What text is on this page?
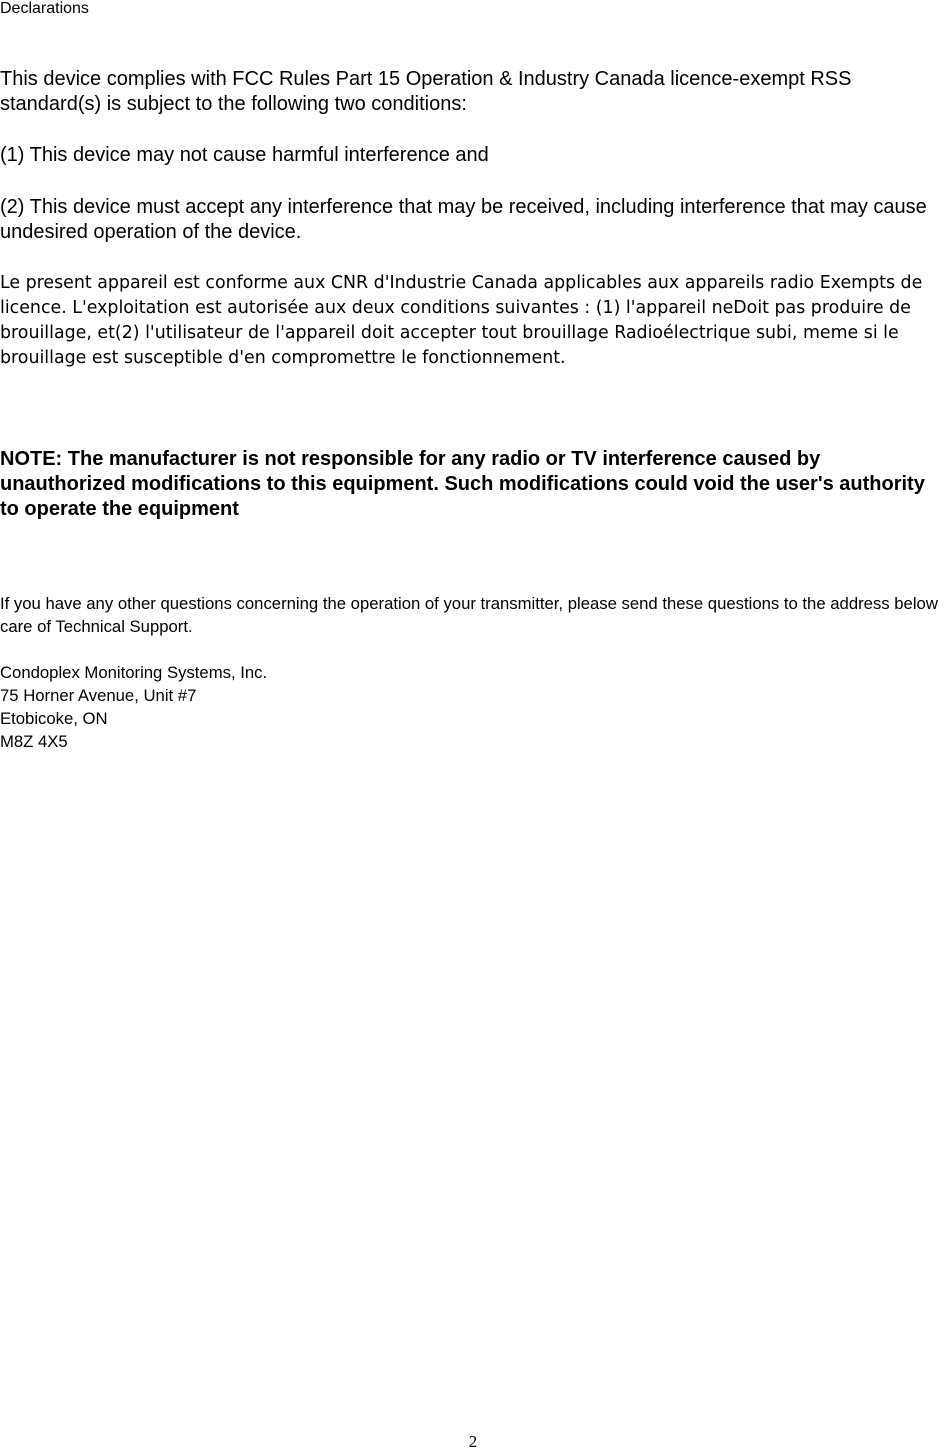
Declarations

This device complies with FCC Rules Part 15 Operation & Industry Canada licence-exempt RSS standard(s) is subject to the following two conditions:

(1) This device may not cause harmful interference and

(2) This device must accept any interference that may be received, including interference that may cause undesired operation of the device.

Le present appareil est conforme aux CNR d'Industrie Canada applicables aux appareils radio Exempts de licence. L'exploitation est autorisée aux deux conditions suivantes : (1) l'appareil neDoit pas produire de brouillage, et(2) l'utilisateur de l'appareil doit accepter tout brouillage Radioélectrique subi, meme si le brouillage est susceptible d'en compromettre le fonctionnement.

NOTE: The manufacturer is not responsible for any radio or TV interference caused by unauthorized modifications to this equipment. Such modifications could void the user's authority to operate the equipment

If you have any other questions concerning the operation of your transmitter, please send these questions to the address below care of Technical Support.

Condoplex Monitoring Systems, Inc.
75 Horner Avenue, Unit #7
Etobicoke, ON
M8Z 4X5
2
